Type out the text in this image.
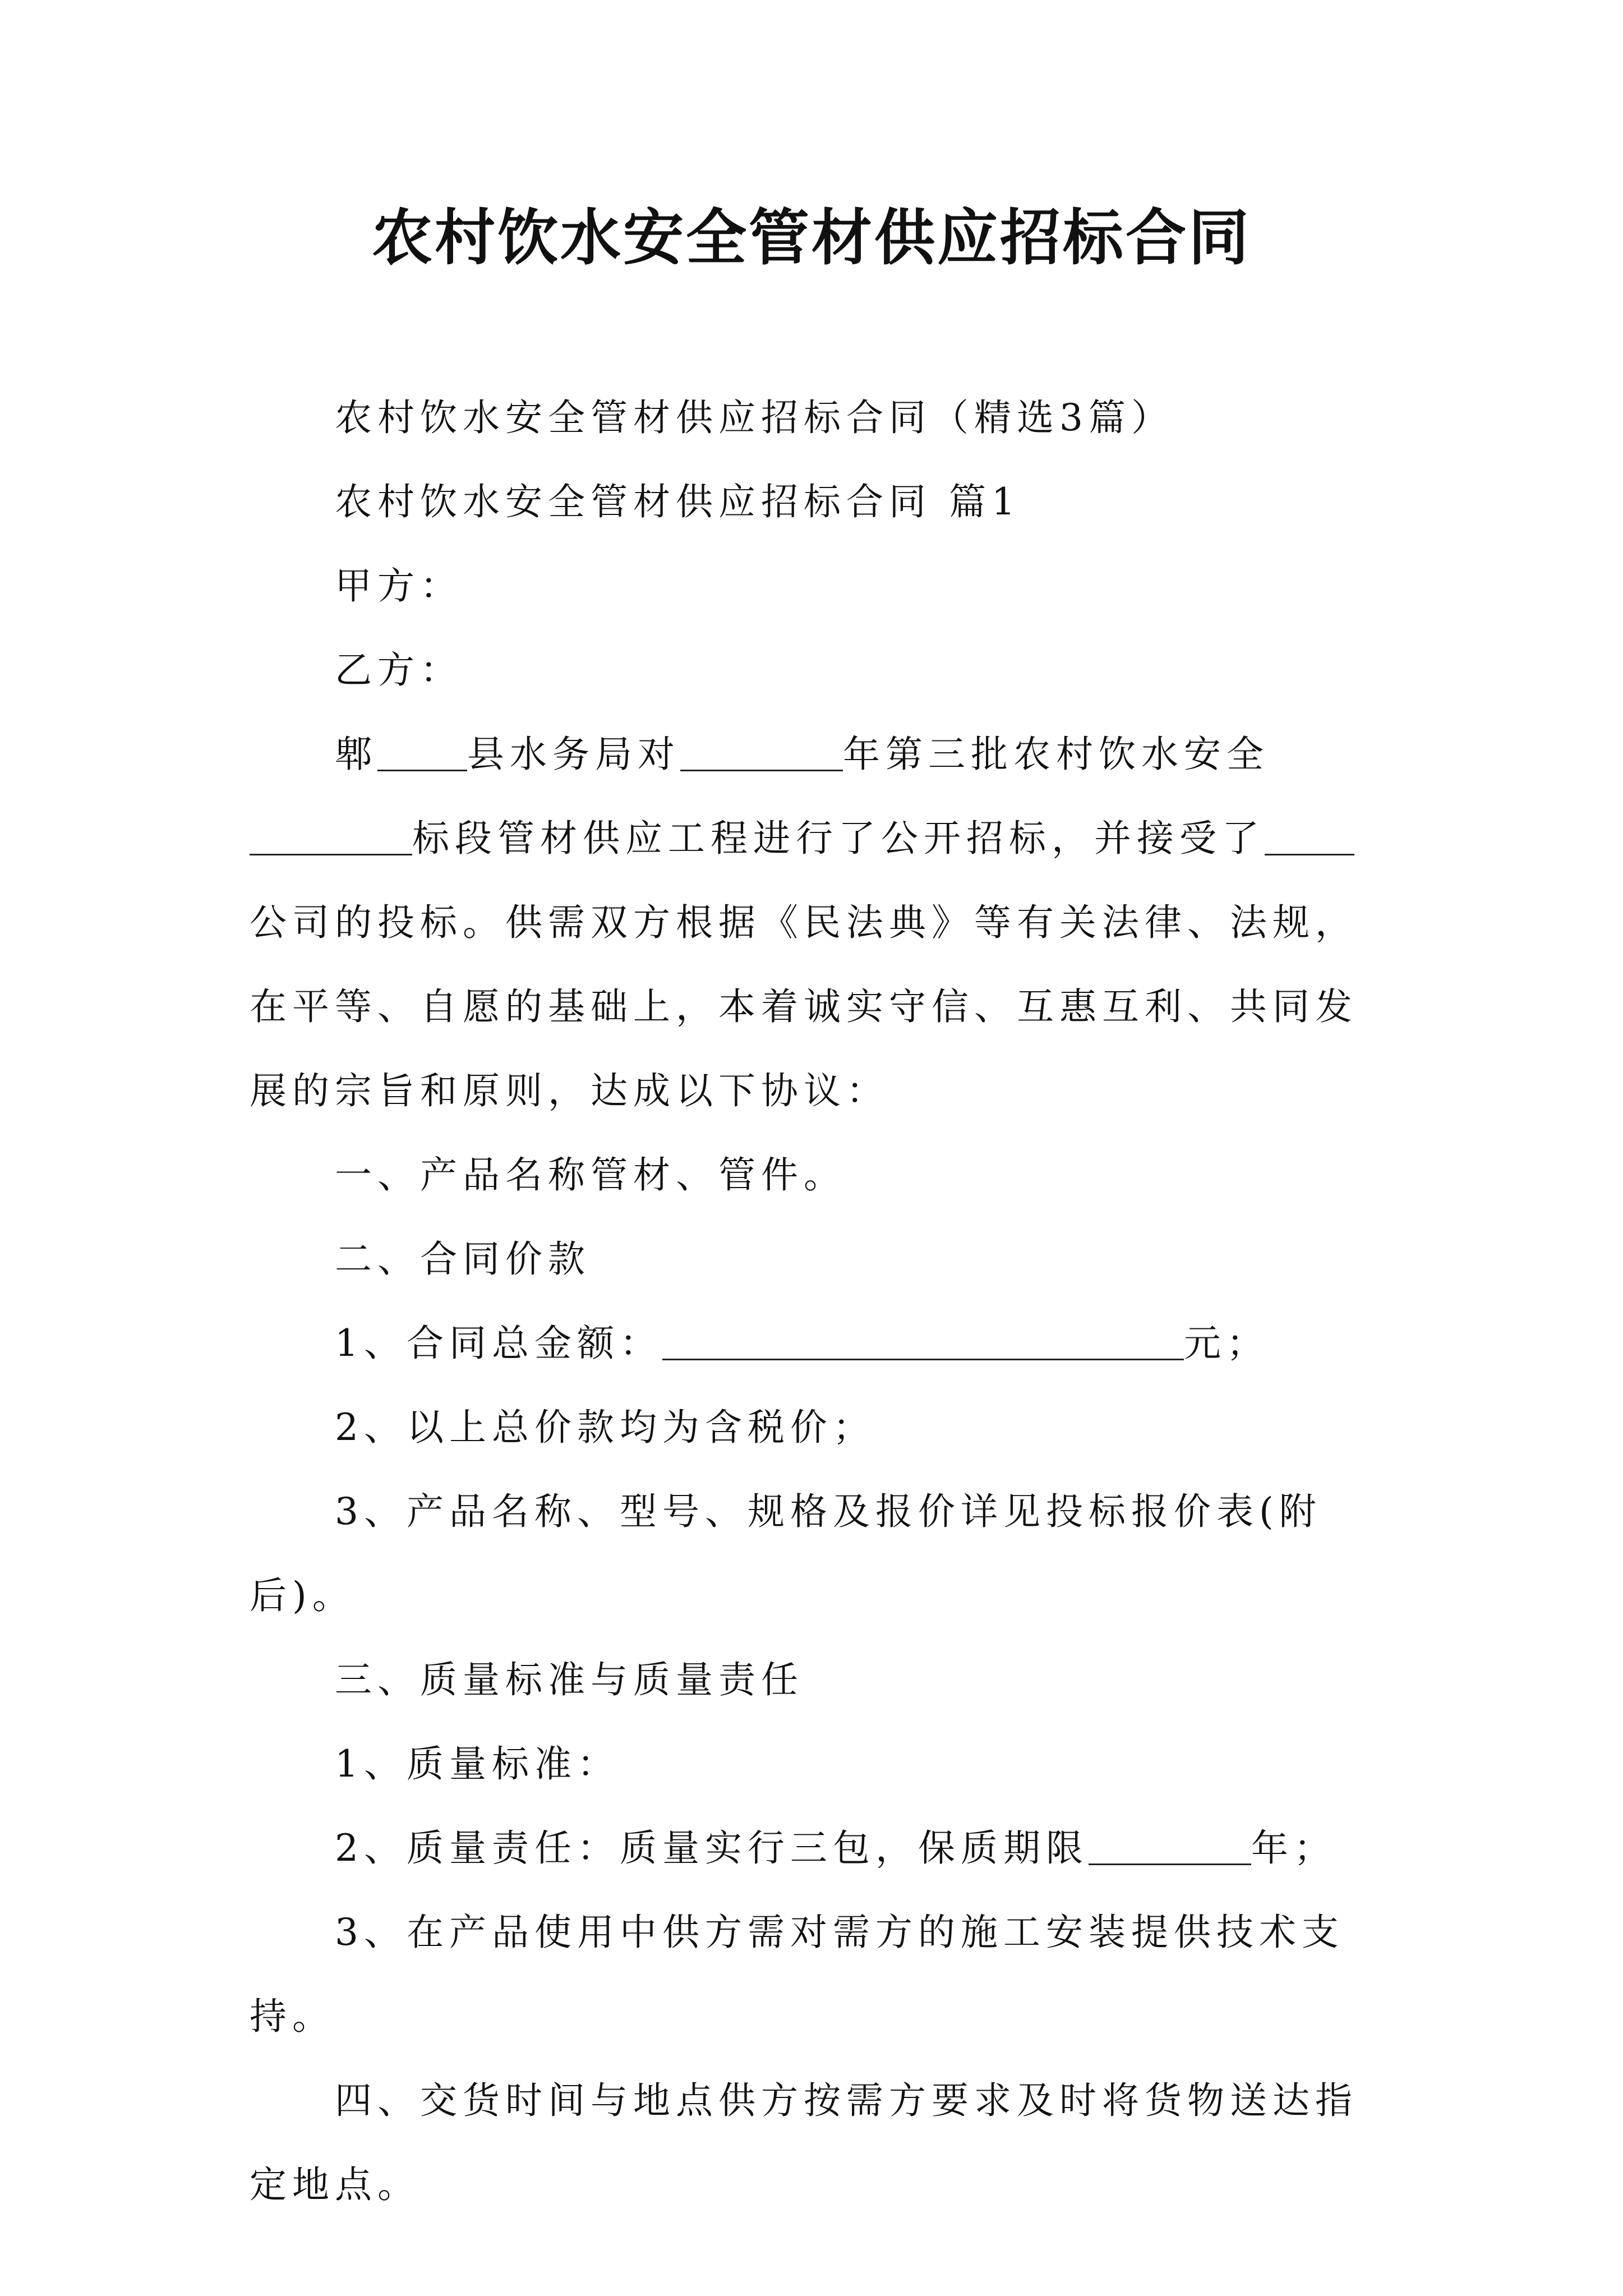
农村饮水安全管材供应招标合同
农村饮水安全管材供应招标合同（精选3篇）
农村饮水安全管材供应招标合同 篇1
甲方：
乙方：
郫 县水务局对	年第三批农村饮水安全
标段管材供应工程进行了公开招标，并接受了
公司的投标。供需双方根据《民法典》等有关法律、法规，
在平等、自愿的基础上，本着诚实守信、互惠互利、共同发
展的宗旨和原则，达成以下协议：
一、产品名称管材、管件。
二、合同价款
1、合同总金额：	元；
2、以上总价款均为含税价；
3、产品名称、型号、规格及报价详见投标报价表(附
后)。
三、质量标准与质量责任
1、质量标准：
2、质量责任：质量实行三包，保质期限	年；
3、在产品使用中供方需对需方的施工安装提供技术支
持。
四、交货时间与地点供方按需方要求及时将货物送达指
定地点。
